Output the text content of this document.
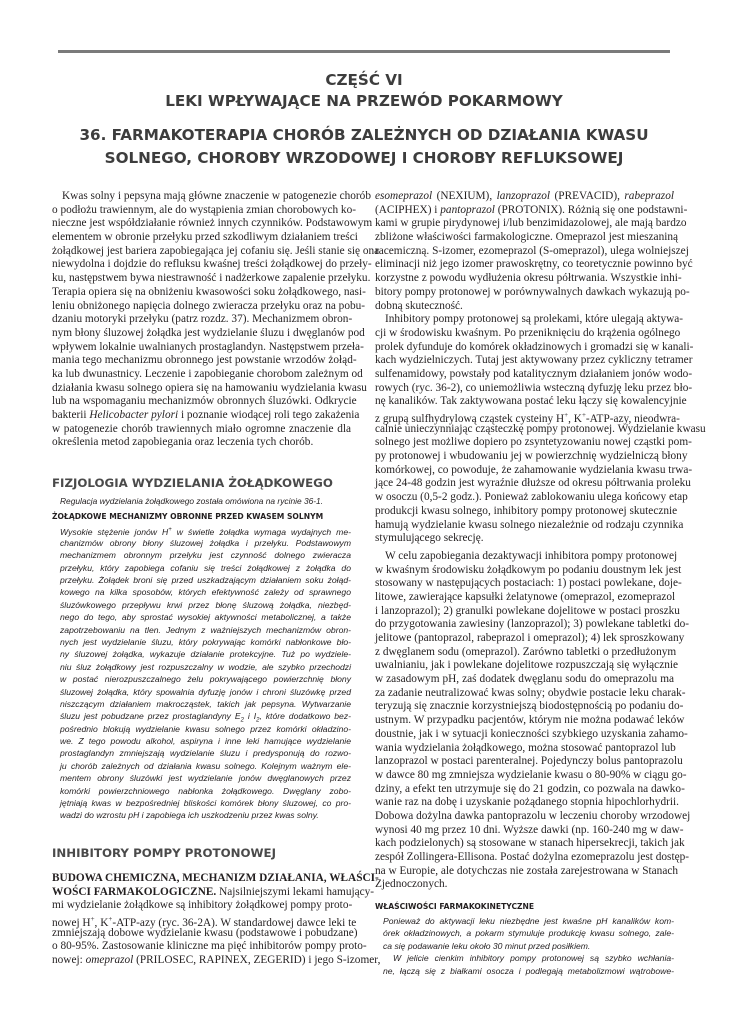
CZĘŚĆ VI
LEKI WPŁYWAJĄCE NA PRZEWÓD POKARMOWY
36. FARMAKOTERAPIA CHORÓB ZALEŻNYCH OD DZIAŁANIA KWASU
SOLNEGO, CHOROBY WRZODOWEJ I CHOROBY REFLUKSOWEJ

Kwas solny i pepsyna mają główne znaczenie w patogenezie chorób

o podłożu trawiennym, ale do wystąpienia zmian chorobowych ko-

nieczne jest współdziałanie również innych czynników. Podstawowym

elementem w obronie przełyku przed szkodliwym działaniem treści

żołądkowej jest bariera zapobiegająca jej cofaniu się. Jeśli stanie się ona

niewydolna i dojdzie do refluksu kwaśnej treści żołądkowej do przeły-

ku, następstwem bywa niestrawność i nadżerkowe zapalenie przełyku.

Terapia opiera się na obniżeniu kwasowości soku żołądkowego, nasi-

leniu obniżonego napięcia dolnego zwieracza przełyku oraz na pobu-

dzaniu motoryki przełyku (patrz rozdz. 37). Mechanizmem obron-

nym błony śluzowej żołądka jest wydzielanie śluzu i dwęglanów pod

wpływem lokalnie uwalnianych prostaglandyn. Następstwem przeła-

mania tego mechanizmu obronnego jest powstanie wrzodów żołąd-

ka lub dwunastnicy. Leczenie i zapobieganie chorobom zależnym od

działania kwasu solnego opiera się na hamowaniu wydzielania kwasu

lub na wspomaganiu mechanizmów obronnych śluzówki. Odkrycie

bakterii Helicobacter pylori i poznanie wiodącej roli tego zakażenia

w patogenezie chorób trawiennych miało ogromne znaczenie dla

określenia metod zapobiegania oraz leczenia tych chorób.

FIZJOLOGIA WYDZIELANIA ŻOŁĄDKOWEGO

Regulacja wydzielania żołądkowego została omówiona na rycinie 36-1.

ŻOŁĄDKOWE MECHANIZMY OBRONNE PRZED KWASEM SOLNYM

Wysokie stężenie jonów H+ w świetle żołądka wymaga wydajnych me-

chanizmów obrony błony śluzowej żołądka i przełyku. Podstawowym

mechanizmem obronnym przełyku jest czynność dolnego zwieracza

przełyku, który zapobiega cofaniu się treści żołądkowej z żołądka do

przełyku. Żołądek broni się przed uszkadzającym działaniem soku żołąd-

kowego na kilka sposobów, których efektywność zależy od sprawnego

śluzówkowego przepływu krwi przez błonę śluzową żołądka, niezbęd-

nego do tego, aby sprostać wysokiej aktywności metabolicznej, a także

zapotrzebowaniu na tlen. Jednym z ważniejszych mechanizmów obron-

nych jest wydzielanie śluzu, który pokrywając komórki nabłonkowe bło-

ny śluzowej żołądka, wykazuje działanie protekcyjne. Tuż po wydziele-

niu śluz żołądkowy jest rozpuszczalny w wodzie, ale szybko przechodzi

w postać nierozpuszczalnego żelu pokrywającego powierzchnię błony

śluzowej żołądka, który spowalnia dyfuzję jonów i chroni śluzówkę przed

niszczącym działaniem makrocząstek, takich jak pepsyna. Wytwarzanie

śluzu jest pobudzane przez prostaglandyny $E_2$ i $I_2$, które dodatkowo bez-

pośrednio blokują wydzielanie kwasu solnego przez komórki okładzino-

we. Z tego powodu alkohol, aspiryna i inne leki hamujące wydzielanie

prostaglandyn zmniejszają wydzielanie śluzu i predysponują do rozwo-

ju chorób zależnych od działania kwasu solnego. Kolejnym ważnym ele-

mentem obrony śluzówki jest wydzielanie jonów dwęglanowych przez

komórki powierzchniowego nabłonka żołądkowego. Dwęglany zobo-

jętniają kwas w bezpośredniej bliskości komórek błony śluzowej, co pro-

wadzi do wzrostu pH i zapobiega ich uszkodzeniu przez kwas solny.

INHIBITORY POMPY PROTONOWEJ

BUDOWA CHEMICZNA, MECHANIZM DZIAŁANIA, WŁAŚCI-

WOŚCI FARMAKOLOGICZNE. Najsilniejszymi lekami hamujący-

mi wydzielanie żołądkowe są inhibitory żołądkowej pompy proto-

nowej H+, K+-ATP-azy (ryc. 36-2A). W standardowej dawce leki te

zmniejszają dobowe wydzielanie kwasu (podstawowe i pobudzane)

o 80-95%. Zastosowanie kliniczne ma pięć inhibitorów pompy proto-

nowej: omeprazol (PRILOSEC, RAPINEX, ZEGERID) i jego S-izomer,

esomeprazol (NEXIUM), lanzoprazol (PREVACID), rabeprazol

(ACIPHEX) i pantoprazol (PROTONIX). Różnią się one podstawni-

kami w grupie pirydynowej i/lub benzimidazolowej, ale mają bardzo

zbliżone właściwości farmakologiczne. Omeprazol jest mieszaniną

racemiczną. S-izomer, ezomeprazol (S-omeprazol), ulega wolniejszej

eliminacji niż jego izomer prawoskrętny, co teoretycznie powinno być

korzystne z powodu wydłużenia okresu półtrwania. Wszystkie inhi-

bitory pompy protonowej w porównywalnych dawkach wykazują po-

dobną skuteczność.

Inhibitory pompy protonowej są prolekami, które ulegają aktywa-

cji w środowisku kwaśnym. Po przeniknięciu do krążenia ogólnego

prolek dyfunduje do komórek okładzinowych i gromadzi się w kanali-

kach wydzielniczych. Tutaj jest aktywowany przez cykliczny tetramer

sulfenamidowy, powstały pod katalitycznym działaniem jonów wodo-

rowych (ryc. 36-2), co uniemożliwia wsteczną dyfuzję leku przez bło-

nę kanalików. Tak zaktywowana postać leku łączy się kowalencyjnie

z grupą sulfhydrylową cząstek cysteiny H+, K+-ATP-azy, nieodwra-

calnie unieczynniając cząsteczkę pompy protonowej. Wydzielanie kwasu

solnego jest możliwe dopiero po zsyntetyzowaniu nowej cząstki pom-

py protonowej i wbudowaniu jej w powierzchnię wydzielniczą błony

komórkowej, co powoduje, że zahamowanie wydzielania kwasu trwa-

jące 24-48 godzin jest wyraźnie dłuższe od okresu półtrwania proleku

w osoczu (0,5-2 godz.). Ponieważ zablokowaniu ulega końcowy etap

produkcji kwasu solnego, inhibitory pompy protonowej skutecznie

hamują wydzielanie kwasu solnego niezależnie od rodzaju czynnika

stymulującego sekrecję.

W celu zapobiegania dezaktywacji inhibitora pompy protonowej

w kwaśnym środowisku żołądkowym po podaniu doustnym lek jest

stosowany w następujących postaciach: 1) postaci powlekane, doje-

litowe, zawierające kapsułki żelatynowe (omeprazol, ezomeprazol

i lanzoprazol); 2) granulki powlekane dojelitowe w postaci proszku

do przygotowania zawiesiny (lanzoprazol); 3) powlekane tabletki do-

jelitowe (pantoprazol, rabeprazol i omeprazol); 4) lek sproszkowany

z dwęglanem sodu (omeprazol). Zarówno tabletki o przedłużonym

uwalnianiu, jak i powlekane dojelitowe rozpuszczają się wyłącznie

w zasadowym pH, zaś dodatek dwęglanu sodu do omeprazolu ma

za zadanie neutralizować kwas solny; obydwie postacie leku charak-

teryzują się znacznie korzystniejszą biodostępnością po podaniu do-

ustnym. W przypadku pacjentów, którym nie można podawać leków

doustnie, jak i w sytuacji konieczności szybkiego uzyskania zahamo-

wania wydzielania żołądkowego, można stosować pantoprazol lub

lanzoprazol w postaci parenteralnej. Pojedynczy bolus pantoprazolu

w dawce 80 mg zmniejsza wydzielanie kwasu o 80-90% w ciągu go-

dziny, a efekt ten utrzymuje się do 21 godzin, co pozwala na dawko-

wanie raz na dobę i uzyskanie pożądanego stopnia hipochlorhydrii.

Dobowa dożylna dawka pantoprazolu w leczeniu choroby wrzodowej

wynosi 40 mg przez 10 dni. Wyższe dawki (np. 160-240 mg w daw-

kach podzielonych) są stosowane w stanach hipersekrecji, takich jak

zespół Zollingera-Ellisona. Postać dożylna ezomeprazolu jest dostęp-

na w Europie, ale dotychczas nie została zarejestrowana w Stanach

Zjednoczonych.

WŁAŚCIWOŚCI FARMAKOKINETYCZNE

Ponieważ do aktywacji leku niezbędne jest kwaśne pH kanalików kom-

órek okładzinowych, a pokarm stymuluje produkcję kwasu solnego, zale-

ca się podawanie leku około 30 minut przed posiłkiem.

W jelicie cienkim inhibitory pompy protonowej są szybko wchłania-

ne, łączą się z białkami osocza i podlegają metabolizmowi wątrobowe-
